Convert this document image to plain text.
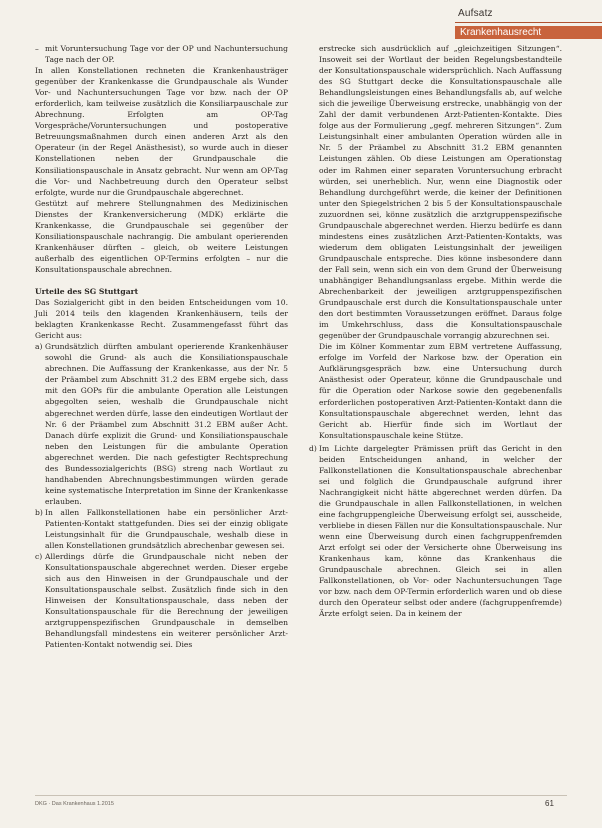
Aufsatz
Krankenhausrecht

– mit Voruntersuchung Tage vor der OP und Nachuntersuchung Tage nach der OP.

In allen Konstellationen rechneten die Krankenhausträger gegenüber der Krankenkasse die Grundpauschale als Wunder Vor- und Nachuntersuchungen Tage vor bzw. nach der OP erforderlich, kam teilweise zusätzlich die Konsiliarpauschale zur Abrechnung. Erfolgten am OP-Tag Vorgespräche/Voruntersuchungen und postoperative Betreuungsmaßnahmen durch einen anderen Arzt als den Operateur (in der Regel Anästhesist), so wurde auch in dieser Konstellationen neben der Grundpauschale die Konsiliationspauschale in Ansatz gebracht. Nur wenn am OP-Tag die Vor- und Nachbetreuung durch den Operateur selbst erfolgte, wurde nur die Grundpauschale abgerechnet.

Gestützt auf mehrere Stellungnahmen des Medizinischen Dienstes der Krankenversicherung (MDK) erklärte die Krankenkasse, die Grundpauschale sei gegenüber der Konsiliationspauschale nachrangig. Die ambulant operierenden Krankenhäuser dürften – gleich, ob weitere Leistungen außerhalb des eigentlichen OP-Termins erfolgten – nur die Konsultationspauschale abrechnen.

Urteile des SG Stuttgart

Das Sozialgericht gibt in den beiden Entscheidungen vom 10. Juli 2014 teils den klagenden Krankenhäusern, teils der beklagten Krankenkasse Recht. Zusammengefasst führt das Gericht aus:

a) Grundsätzlich dürften ambulant operierende Krankenhäuser sowohl die Grund- als auch die Konsiliationspauschale abrechnen. Die Auffassung der Krankenkasse, aus der Nr. 5 der Präambel zum Abschnitt 31.2 des EBM ergebe sich, dass mit den GOPs für die ambulante Operation alle Leistungen abgegolten seien, weshalb die Grundpauschale nicht abgerechnet werden dürfe, lasse den eindeutigen Wortlaut der Nr. 6 der Präambel zum Abschnitt 31.2 EBM außer Acht. Danach dürfe explizit die Grund- und Konsiliationspauschale neben den Leistungen für die ambulante Operation abgerechnet werden. Die nach gefestigter Rechtsprechung des Bundessozialgerichts (BSG) streng nach Wortlaut zu handhabenden Abrechnungsbestimmungen würden gerade keine systematische Interpretation im Sinne der Krankenkasse erlauben.

b) In allen Fallkonstellationen habe ein persönlicher Arzt-Patienten-Kontakt stattgefunden. Dies sei der einzig obligate Leistungsinhalt für die Grundpauschale, weshalb diese in allen Konstellationen grundsätzlich abrechenbar gewesen sei.

c) Allerdings dürfe die Grundpauschale nicht neben der Konsultationspauschale abgerechnet werden. Dieser ergebe sich aus den Hinweisen in der Grundpauschale und der Konsultationspauschale selbst. Zusätzlich finde sich in den Hinweisen der Konsultationspauschale, dass neben der Konsultationspauschale für die Berechnung der jeweiligen arztgruppenspezifischen Grundpauschale in demselben Behandlungsfall mindestens ein weiterer persönlicher Arzt-Patienten-Kontakt notwendig sei. Dies

erstrecke sich ausdrücklich auf „gleichzeitigen Sitzungen“. Insoweit sei der Wortlaut der beiden Regelungsbestandteile der Konsultationspauschale widersprüchlich. Nach Auffassung des SG Stuttgart decke die Konsultationspauschale alle Behandlungsleistungen eines Behandlungsfalls ab, auf welche sich die jeweilige Überweisung erstrecke, unabhängig von der Zahl der damit verbundenen Arzt-Patienten-Kontakte. Dies folge aus der Formulierung „gegf. mehreren Sitzungen“. Zum Leistungsinhalt einer ambulanten Operation würden alle in Nr. 5 der Präambel zu Abschnitt 31.2 EBM genannten Leistungen zählen. Ob diese Leistungen am Operationstag oder im Rahmen einer separaten Voruntersuchung erbracht würden, sei unerheblich. Nur, wenn eine Diagnostik oder Behandlung durchgeführt werde, die keiner der Definitionen unter den Spiegelstrichen 2 bis 5 der Konsultationspauschale zuzuordnen sei, könne zusätzlich die arztgruppenspezifische Grundpauschale abgerechnet werden. Hierzu bedürfe es dann mindestens eines zusätzlichen Arzt-Patienten-Kontakts, was wiederum dem obligaten Leistungsinhalt der jeweiligen Grundpauschale entspreche. Dies könne insbesondere dann der Fall sein, wenn sich ein von dem Grund der Überweisung unabhängiger Behandlungsanlass ergebe. Mithin werde die Abrechenbarkeit der jeweiligen arztgruppenspezifischen Grundpauschale erst durch die Konsultationspauschale unter den dort bestimmten Voraussetzungen eröffnet. Daraus folge im Umkehrschluss, dass die Konsultationspauschale gegenüber der Grundpauschale vorrangig abzurechnen sei.

Die im Kölner Kommentar zum EBM vertretene Auffassung, erfolge im Vorfeld der Narkose bzw. der Operation ein Aufklärungsgespräch bzw. eine Untersuchung durch Anästhesist oder Operateur, könne die Grundpauschale und für die Operation oder Narkose sowie den gegebenenfalls erforderlichen postoperativen Arzt-Patienten-Kontakt dann die Konsultationspauschale abgerechnet werden, lehnt das Gericht ab. Hierfür finde sich im Wortlaut der Konsultationspauschale keine Stütze.

d) Im Lichte dargelegter Prämissen prüft das Gericht in den beiden Entscheidungen anhand, in welcher der Fallkonstellationen die Konsultationspauschale abrechenbar sei und folglich die Grundpauschale aufgrund ihrer Nachrangigkeit nicht hätte abgerechnet werden dürfen. Da die Grundpauschale in allen Fallkonstellationen, in welchen eine fachgruppengleiche Überweisung erfolgt sei, ausscheide, verbliebe in diesen Fällen nur die Konsultationspauschale. Nur wenn eine Überweisung durch einen fachgruppenfremden Arzt erfolgt sei oder der Versicherte ohne Überweisung ins Krankenhaus kam, könne das Krankenhaus die Grundpauschale abrechnen. Gleich sei in allen Fallkonstellationen, ob Vor- oder Nachuntersuchungen Tage vor bzw. nach dem OP-Termin erforderlich waren und ob diese durch den Operateur selbst oder andere (fachgruppenfremde) Ärzte erfolgt seien. Da in keinem der

DKG · Das Krankenhaus 1.2015	61
